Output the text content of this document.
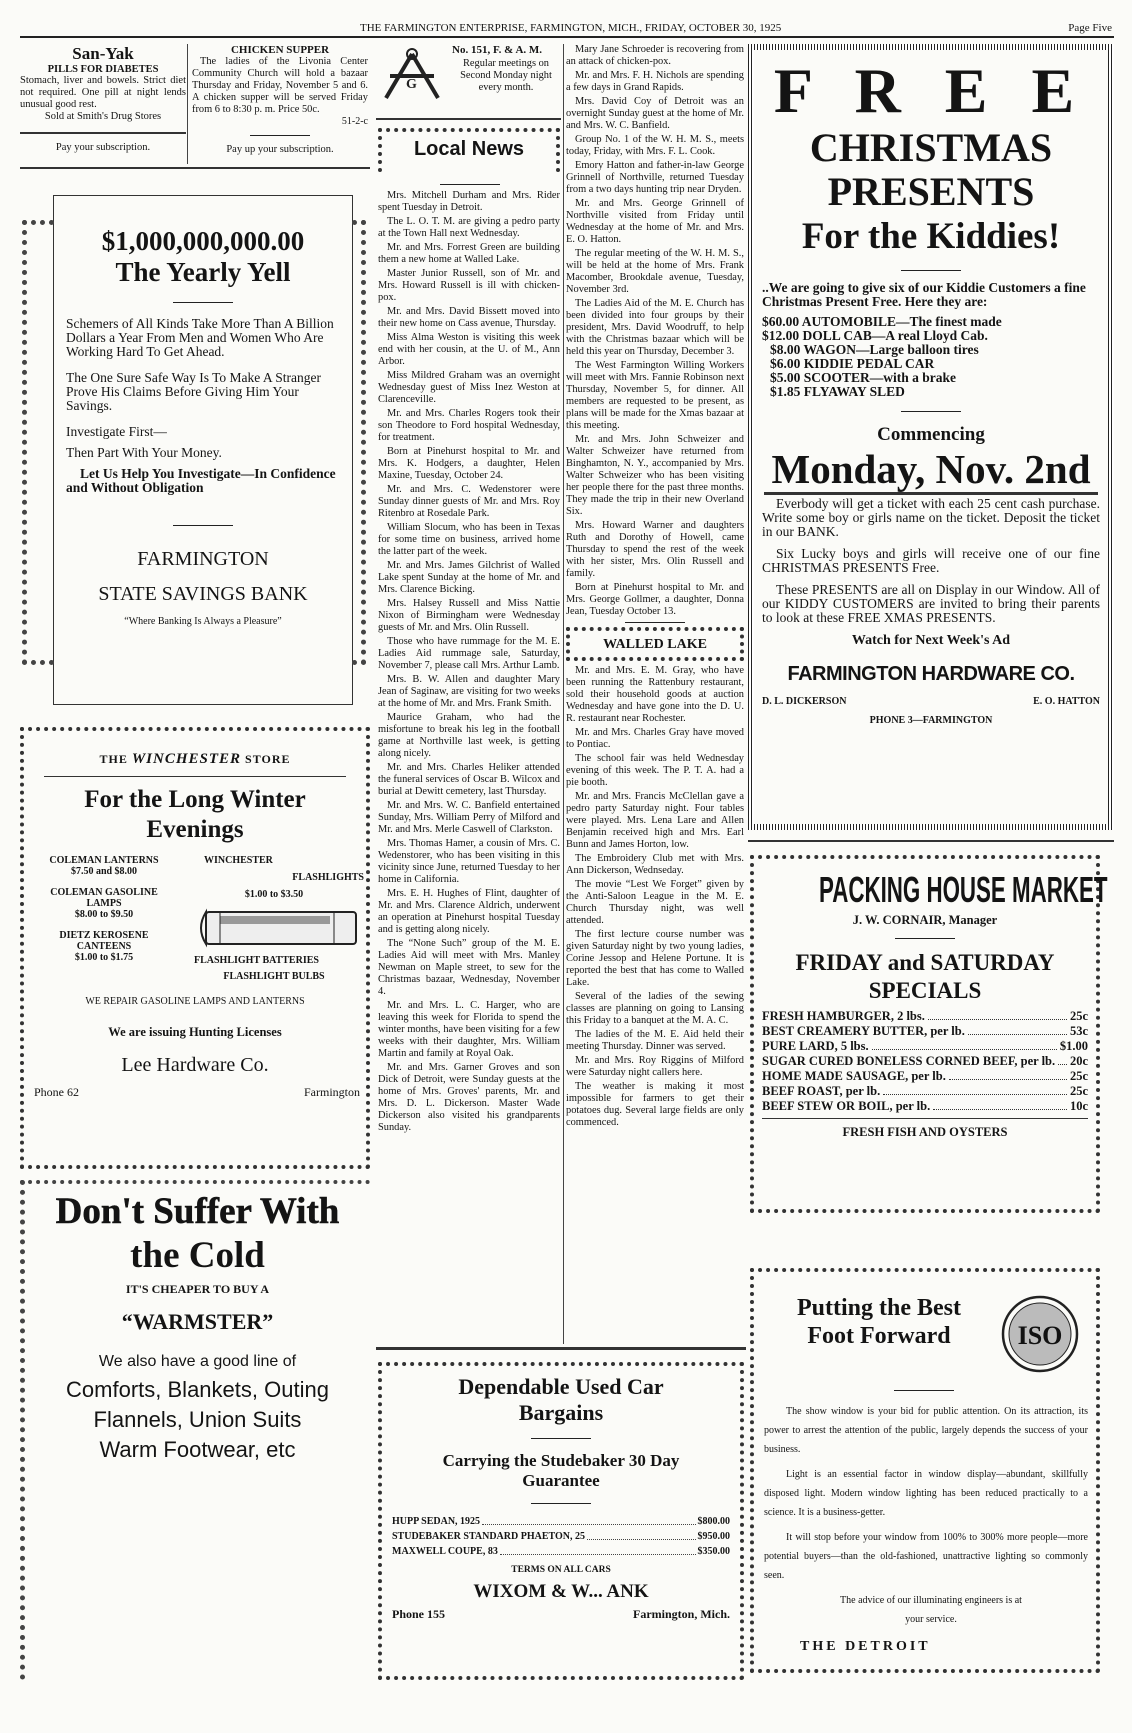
THE FARMINGTON ENTERPRISE, FARMINGTON, MICH., FRIDAY, OCTOBER 30, 1925	Page Five
San-Yak
PILLS FOR DIABETES
Stomach, liver and bowels. Strict diet not required. One pill at night lends unusual good rest.
Sold at Smith's Drug Stores
Pay your subscription.
CHICKEN SUPPER
The ladies of the Livonia Center Community Church will hold a bazaar Thursday and Friday, November 5 and 6. A chicken supper will be served Friday from 6 to 8:30 p. m. Price 50c.
51-2-c
Pay up your subscription.
G
No. 151, F. & A. M.
Regular meetings on Second Monday night every month.
Local News

Mrs. Mitchell Durham and Mrs. Rider spent Tuesday in Detroit.

The L. O. T. M. are giving a pedro party at the Town Hall next Wednesday.

Mr. and Mrs. Forrest Green are building them a new home at Walled Lake.

Master Junior Russell, son of Mr. and Mrs. Howard Russell is ill with chicken-pox.

Mr. and Mrs. David Bissett moved into their new home on Cass avenue, Thursday.

Miss Alma Weston is visiting this week end with her cousin, at the U. of M., Ann Arbor.

Miss Mildred Graham was an overnight Wednesday guest of Miss Inez Weston at Clarenceville.

Mr. and Mrs. Charles Rogers took their son Theodore to Ford hospital Wednesday, for treatment.

Born at Pinehurst hospital to Mr. and Mrs. K. Hodgers, a daughter, Helen Maxine, Tuesday, October 24.

Mr. and Mrs. C. Wedenstorer were Sunday dinner guests of Mr. and Mrs. Roy Ritenbro at Rosedale Park.

William Slocum, who has been in Texas for some time on business, arrived home the latter part of the week.

Mr. and Mrs. James Gilchrist of Walled Lake spent Sunday at the home of Mr. and Mrs. Clarence Bicking.

Mrs. Halsey Russell and Miss Nattie Nixon of Birmingham were Wednesday guests of Mr. and Mrs. Olin Russell.

Those who have rummage for the M. E. Ladies Aid rummage sale, Saturday, November 7, please call Mrs. Arthur Lamb.

Mrs. B. W. Allen and daughter Mary Jean of Saginaw, are visiting for two weeks at the home of Mr. and Mrs. Frank Smith.

Maurice Graham, who had the misfortune to break his leg in the football game at Northville last week, is getting along nicely.

Mr. and Mrs. Charles Heliker attended the funeral services of Oscar B. Wilcox and burial at Dewitt cemetery, last Thursday.

Mr. and Mrs. W. C. Banfield entertained Sunday, Mrs. William Perry of Milford and Mr. and Mrs. Merle Caswell of Clarkston.

Mrs. Thomas Hamer, a cousin of Mrs. C. Wedenstorer, who has been visiting in this vicinity since June, returned Tuesday to her home in California.

Mrs. E. H. Hughes of Flint, daughter of Mr. and Mrs. Clarence Aldrich, underwent an operation at Pinehurst hospital Tuesday and is getting along nicely.

The “None Such” group of the M. E. Ladies Aid will meet with Mrs. Manley Newman on Maple street, to sew for the Christmas bazaar, Wednesday, November 4.

Mr. and Mrs. L. C. Harger, who are leaving this week for Florida to spend the winter months, have been visiting for a few weeks with their daughter, Mrs. William Martin and family at Royal Oak.

Mr. and Mrs. Garner Groves and son Dick of Detroit, were Sunday guests at the home of Mrs. Groves' parents, Mr. and Mrs. D. L. Dickerson. Master Wade Dickerson also visited his grandparents Sunday.

Mary Jane Schroeder is recovering from an attack of chicken-pox.

Mr. and Mrs. F. H. Nichols are spending a few days in Grand Rapids.

Mrs. David Coy of Detroit was an overnight Sunday guest at the home of Mr. and Mrs. W. C. Banfield.

Group No. 1 of the W. H. M. S., meets today, Friday, with Mrs. F. L. Cook.

Emory Hatton and father-in-law George Grinnell of Northville, returned Tuesday from a two days hunting trip near Dryden.

Mr. and Mrs. George Grinnell of Northville visited from Friday until Wednesday at the home of Mr. and Mrs. E. O. Hatton.

The regular meeting of the W. H. M. S., will be held at the home of Mrs. Frank Macomber, Brookdale avenue, Tuesday, November 3rd.

The Ladies Aid of the M. E. Church has been divided into four groups by their president, Mrs. David Woodruff, to help with the Christmas bazaar which will be held this year on Thursday, December 3.

The West Farmington Willing Workers will meet with Mrs. Fannie Robinson next Thursday, November 5, for dinner. All members are requested to be present, as plans will be made for the Xmas bazaar at this meeting.

Mr. and Mrs. John Schweizer and Walter Schweizer have returned from Binghamton, N. Y., accompanied by Mrs. Walter Schweizer who has been visiting her people there for the past three months. They made the trip in their new Overland Six.

Mrs. Howard Warner and daughters Ruth and Dorothy of Howell, came Thursday to spend the rest of the week with her sister, Mrs. Olin Russell and family.

Born at Pinehurst hospital to Mr. and Mrs. George Gollmer, a daughter, Donna Jean, Tuesday October 13.

WALLED LAKE

Mr. and Mrs. E. M. Gray, who have been running the Rattenbury restaurant, sold their household goods at auction Wednesday and have gone into the D. U. R. restaurant near Rochester.

Mr. and Mrs. Charles Gray have moved to Pontiac.

The school fair was held Wednesday evening of this week. The P. T. A. had a pie booth.

Mr. and Mrs. Francis McClellan gave a pedro party Saturday night. Four tables were played. Mrs. Lena Lare and Allen Benjamin received high and Mrs. Earl Bunn and James Horton, low.

The Embroidery Club met with Mrs. Ann Dickerson, Wednseday.

The movie “Lest We Forget” given by the Anti-Saloon League in the M. E. Church Thursday night, was well attended.

The first lecture course number was given Saturday night by two young ladies, Corine Jessop and Helene Portune. It is reported the best that has come to Walled Lake.

Several of the ladies of the sewing classes are planning on going to Lansing this Friday to a banquet at the M. A. C.

The ladies of the M. E. Aid held their meeting Thursday. Dinner was served.

Mr. and Mrs. Roy Riggins of Milford were Saturday night callers here.

The weather is making it most impossible for farmers to get their potatoes dug. Several large fields are only commenced.

$1,000,000,000.00
The Yearly Yell

Schemers of All Kinds Take More Than A Billion Dollars a Year From Men and Women Who Are Working Hard To Get Ahead.

The One Sure Safe Way Is To Make A Stranger Prove His Claims Before Giving Him Your Savings.

Investigate First—

Then Part With Your Money.

Let Us Help You Investigate—In Confidence and Without Obligation

FARMINGTON
STATE SAVINGS BANK
“Where Banking Is Always a Pleasure”
THE WINCHESTER STORE
For the Long Winter
Evenings
COLEMAN LANTERNS
$7.50 and $8.00
COLEMAN GASOLINE LAMPS
$8.00 to $9.50
DIETZ KEROSENE CANTEENS
$1.00 to $1.75
WINCHESTER
FLASHLIGHTS
$1.00 to $3.50
FLASHLIGHT BATTERIES
FLASHLIGHT BULBS
WE REPAIR GASOLINE LAMPS AND LANTERNS
We are issuing Hunting Licenses
Lee Hardware Co.
Phone 62	Farmington
Don't Suffer With
the Cold
IT'S CHEAPER TO BUY A
“WARMSTER”
We also have a good line of
Comforts, Blankets, Outing
Flannels, Union Suits
Warm Footwear, etc
Dependable Used Car
Bargains
Carrying the Studebaker 30 Day
Guarantee
HUPP SEDAN, 1925	$800.00
STUDEBAKER STANDARD PHAETON, 25	$950.00
MAXWELL COUPE, 83	$350.00
TERMS ON ALL CARS
WIXOM & W... ANK
Phone 155	Farmington, Mich.
F R E E
CHRISTMAS
PRESENTS
For the Kiddies!

..We are going to give six of our Kiddie Customers a fine Christmas Present Free. Here they are:

$60.00 AUTOMOBILE—The finest made
$12.00 DOLL CAB—A real Lloyd Cab.
$8.00 WAGON—Large balloon tires
$6.00 KIDDIE PEDAL CAR
$5.00 SCOOTER—with a brake
$1.85 FLYAWAY SLED
Commencing
Monday, Nov. 2nd

Everbody will get a ticket with each 25 cent cash purchase. Write some boy or girls name on the ticket. Deposit the ticket in our BANK.

Six Lucky boys and girls will receive one of our fine CHRISTMAS PRESENTS Free.

These PRESENTS are all on Display in our Window. All of our KIDDY CUSTOMERS are invited to bring their parents to look at these FREE XMAS PRESENTS.

Watch for Next Week's Ad
FARMINGTON HARDWARE CO.
D. L. DICKERSON	E. O. HATTON
PHONE 3—FARMINGTON
PACKING HOUSE MARKET
J. W. CORNAIR, Manager
FRIDAY and SATURDAY
SPECIALS
FRESH HAMBURGER, 2 lbs.	25c
BEST CREAMERY BUTTER, per lb.	53c
PURE LARD, 5 lbs.	$1.00
SUGAR CURED BONELESS CORNED BEEF, per lb. 20c
HOME MADE SAUSAGE, per lb.	25c
BEEF ROAST, per lb.	25c
BEEF STEW OR BOIL, per lb.	10c
FRESH FISH AND OYSTERS
Putting the Best
Foot Forward	ISO

The show window is your bid for public attention. On its attraction, its power to arrest the attention of the public, largely depends the success of your business.

Light is an essential factor in window display—abundant, skillfully disposed light. Modern window lighting has been reduced practically to a science. It is a business-getter.

It will stop before your window from 100% to 300% more people—more potential buyers—than the old-fashioned, unattractive lighting so commonly seen.

The advice of our illuminating engineers is at your service.

THE DETROIT
